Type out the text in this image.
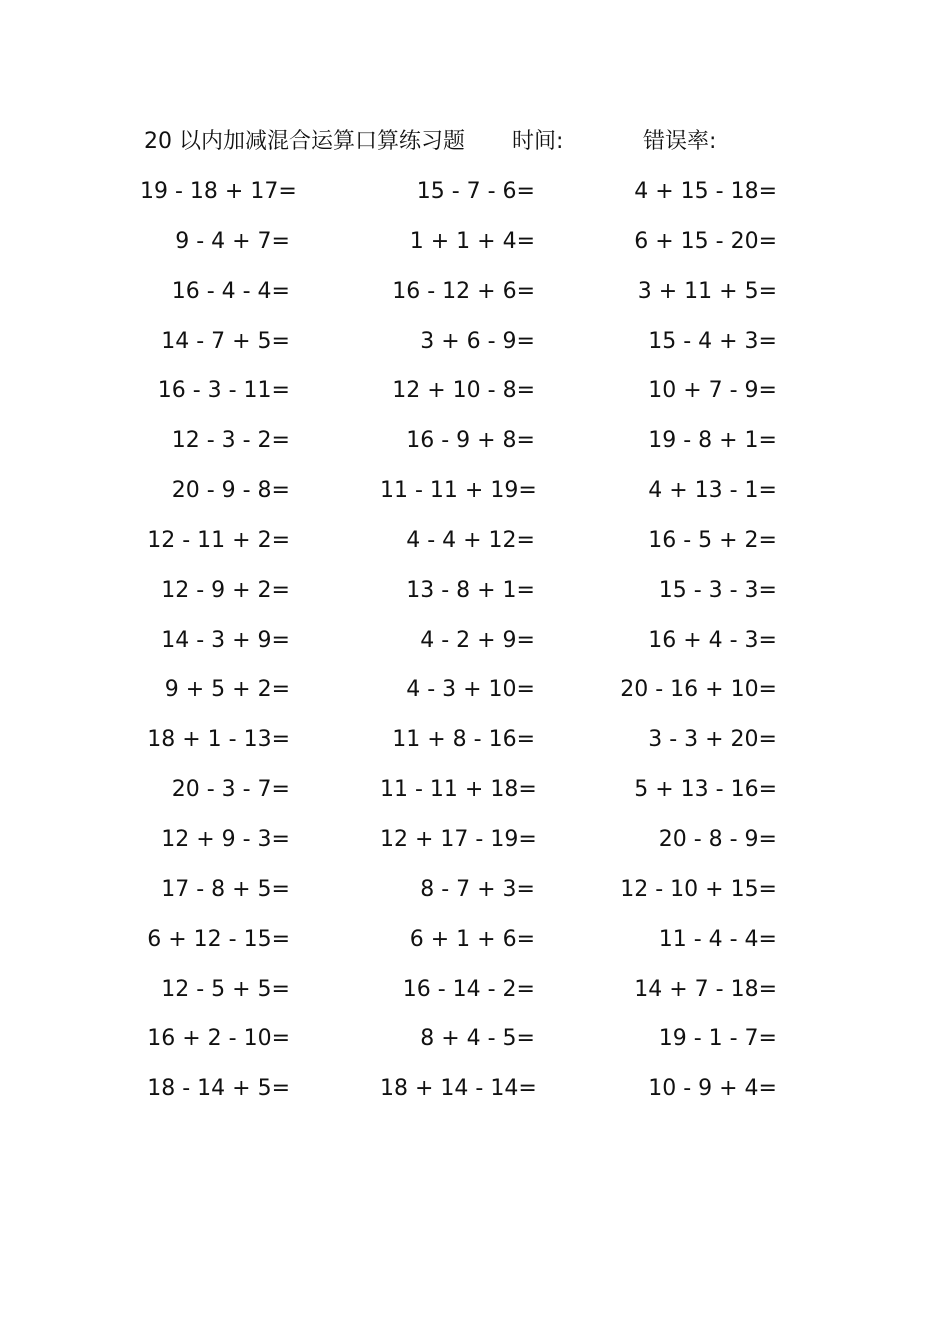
20 以内加减混合运算口算练习题 时间:	错误率:
19 - 18 + 17=	15 - 7 - 6=	4 + 15 - 18=
9 - 4 + 7=	1 + 1 + 4=	6 + 15 - 20=
16 - 4 - 4=	16 - 12 + 6=	3 + 11 + 5=
14 - 7 + 5=	3 + 6 - 9=	15 - 4 + 3=
16 - 3 - 11=	12 + 10 - 8=	10 + 7 - 9=
12 - 3 - 2=	16 - 9 + 8=	19 - 8 + 1=
20 - 9 - 8=	11 - 11 + 19=	4 + 13 - 1=
12 - 11 + 2=	4 - 4 + 12=	16 - 5 + 2=
12 - 9 + 2=	13 - 8 + 1=	15 - 3 - 3=
14 - 3 + 9=	4 - 2 + 9=	16 + 4 - 3=
9 + 5 + 2=	4 - 3 + 10=	20 - 16 + 10=
18 + 1 - 13=	11 + 8 - 16=	3 - 3 + 20=
20 - 3 - 7=	11 - 11 + 18=	5 + 13 - 16=
12 + 9 - 3=	12 + 17 - 19=	20 - 8 - 9=
17 - 8 + 5=	8 - 7 + 3=	12 - 10 + 15=
6 + 12 - 15=	6 + 1 + 6=	11 - 4 - 4=
12 - 5 + 5=	16 - 14 - 2=	14 + 7 - 18=
16 + 2 - 10=	8 + 4 - 5=	19 - 1 - 7=
18 - 14 + 5=	18 + 14 - 14=	10 - 9 + 4=
